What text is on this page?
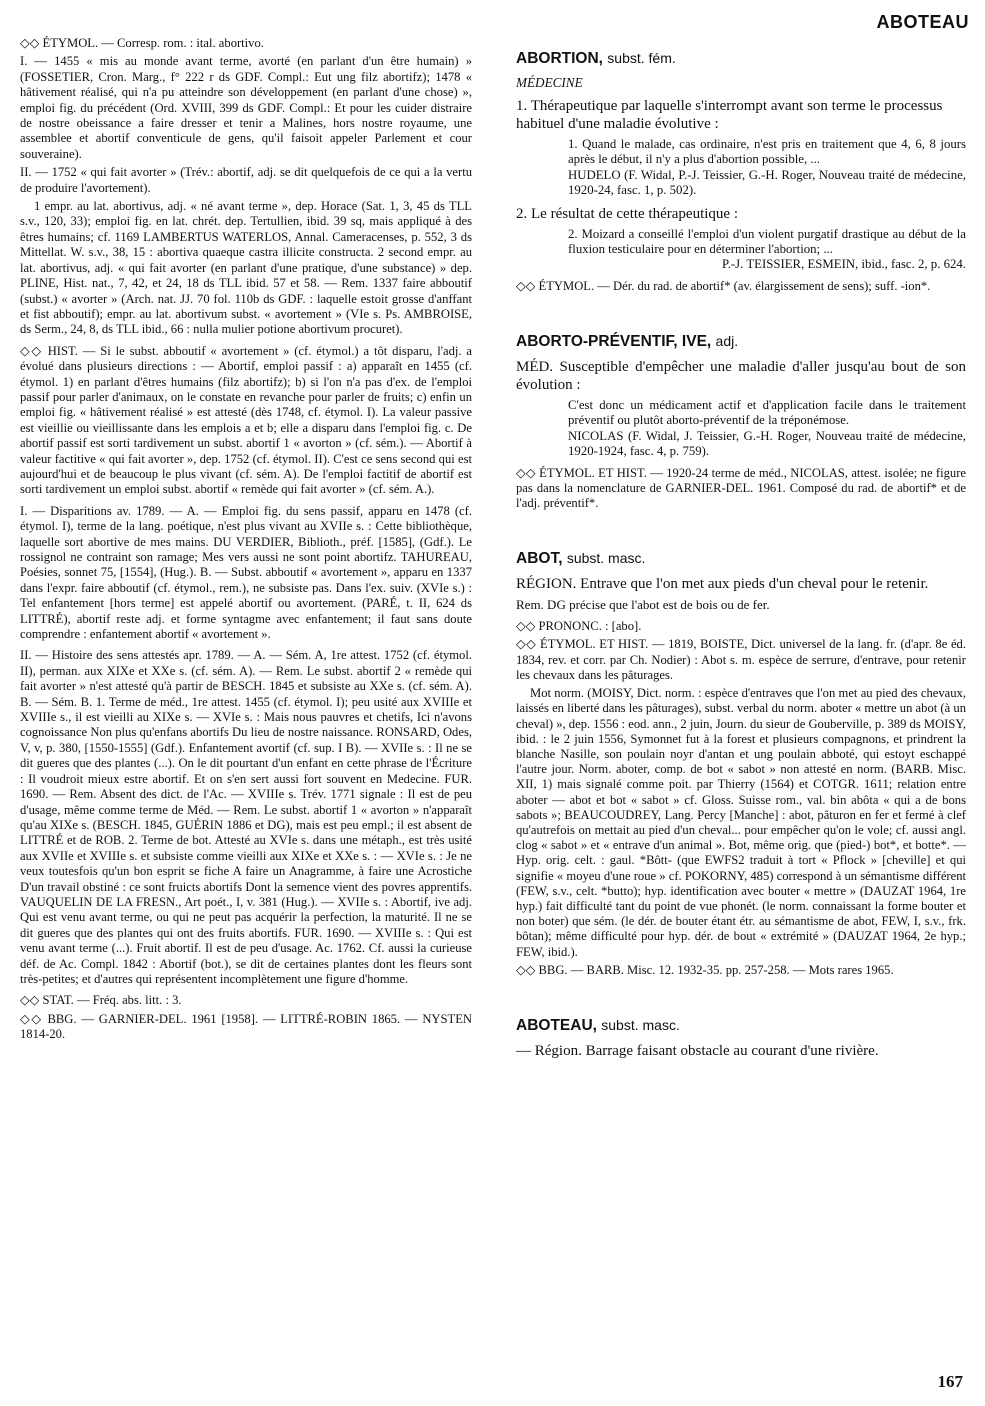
ABOTEAU

◇◇ ÉTYMOL. — Corresp. rom. : ital. abortivo.

I. — 1455 « mis au monde avant terme, avorté (en parlant d'un être humain) » (FOSSETIER, Cron. Marg., f° 222 r ds GDF. Compl.: Eut ung filz abortifz); 1478 « hâtivement réalisé, qui n'a pu atteindre son développement (en parlant d'une chose) », emploi fig. du précédent (Ord. XVIII, 399 ds GDF. Compl.: Et pour les cuider distraire de nostre obeissance a faire dresser et tenir a Malines, hors nostre royaume, une assemblee et abortif conventicule de gens, qu'il faisoit appeler Parlement et cour souveraine).

II. — 1752 « qui fait avorter » (Trév.: abortif, adj. se dit quelquefois de ce qui a la vertu de produire l'avortement).

1 empr. au lat. abortivus, adj. « né avant terme », dep. Horace (Sat. 1, 3, 45 ds TLL s.v., 120, 33); emploi fig. en lat. chrét. dep. Tertullien, ibid. 39 sq, mais appliqué à des êtres humains; cf. 1169 LAMBERTUS WATERLOS, Annal. Cameracenses, p. 552, 3 ds Mittellat. W. s.v., 38, 15 : abortiva quaeque castra illicite constructa. 2 second empr. au lat. abortivus, adj. « qui fait avorter (en parlant d'une pratique, d'une substance) » dep. PLINE, Hist. nat., 7, 42, et 24, 18 ds TLL ibid. 57 et 58. — Rem. 1337 faire abboutif (subst.) « avorter » (Arch. nat. JJ. 70 fol. 110b ds GDF. : laquelle estoit grosse d'anffant et fist abboutif); empr. au lat. abortivum subst. « avortement » (VIe s. Ps. AMBROISE, ds Serm., 24, 8, ds TLL ibid., 66 : nulla mulier potione abortivum procuret).

◇◇ HIST. — Si le subst. abboutif « avortement » (cf. étymol.) a tôt disparu, l'adj. a évolué dans plusieurs directions : — Abortif, emploi passif : a) apparaît en 1455 (cf. étymol. 1) en parlant d'êtres humains (filz abortifz); b) si l'on n'a pas d'ex. de l'emploi passif pour parler d'animaux, on le constate en revanche pour parler de fruits; c) enfin un emploi fig. « hâtivement réalisé » est attesté (dès 1748, cf. étymol. I). La valeur passive est vieillie ou vieillissante dans les emplois a et b; elle a disparu dans l'emploi fig. c. De abortif passif est sorti tardivement un subst. abortif 1 « avorton » (cf. sém.). — Abortif à valeur factitive « qui fait avorter », dep. 1752 (cf. étymol. II). C'est ce sens second qui est aujourd'hui et de beaucoup le plus vivant (cf. sém. A). De l'emploi factitif de abortif est sorti tardivement un emploi subst. abortif « remède qui fait avorter » (cf. sém. A.).

I. — Disparitions av. 1789. — A. — Emploi fig. du sens passif, apparu en 1478 (cf. étymol. I), terme de la lang. poétique, n'est plus vivant au XVIIe s. : Cette bibliothèque, laquelle sort abortive de mes mains. DU VERDIER, Biblioth., préf. [1585], (Gdf.). Le rossignol ne contraint son ramage; Mes vers aussi ne sont point abortifz. TAHUREAU, Poésies, sonnet 75, [1554], (Hug.). B. — Subst. abboutif « avortement », apparu en 1337 dans l'expr. faire abboutif (cf. étymol., rem.), ne subsiste pas. Dans l'ex. suiv. (XVIe s.) : Tel enfantement [hors terme] est appelé abortif ou avortement. (PARÉ, t. II, 624 ds LITTRÉ), abortif reste adj. et forme syntagme avec enfantement; il faut sans doute comprendre : enfantement abortif « avortement ».

II. — Histoire des sens attestés apr. 1789. — A. — Sém. A, 1re attest. 1752 (cf. étymol. II), perman. aux XIXe et XXe s. (cf. sém. A). — Rem. Le subst. abortif 2 « remède qui fait avorter » n'est attesté qu'à partir de BESCH. 1845 et subsiste au XXe s. (cf. sém. A). B. — Sém. B. 1. Terme de méd., 1re attest. 1455 (cf. étymol. I); peu usité aux XVIIIe et XVIIIe s., il est vieilli au XIXe s. — XVIe s. : Mais nous pauvres et chetifs, Ici n'avons cognoissance Non plus qu'enfans abortifs Du lieu de nostre naissance. RONSARD, Odes, V, v, p. 380, [1550-1555] (Gdf.). Enfantement avortif (cf. sup. I B). — XVIIe s. : Il ne se dit gueres que des plantes (...). On le dit pourtant d'un enfant en cette phrase de l'Écriture : Il voudroit mieux estre abortif. Et on s'en sert aussi fort souvent en Medecine. FUR. 1690. — Rem. Absent des dict. de l'Ac. — XVIIIe s. Trév. 1771 signale : Il est de peu d'usage, même comme terme de Méd. — Rem. Le subst. abortif 1 « avorton » n'apparaît qu'au XIXe s. (BESCH. 1845, GUÉRIN 1886 et DG), mais est peu empl.; il est absent de LITTRÉ et de ROB. 2. Terme de bot. Attesté au XVIe s. dans une métaph., est très usité aux XVIIe et XVIIIe s. et subsiste comme vieilli aux XIXe et XXe s. : — XVIe s. : Je ne veux toutesfois qu'un bon esprit se fiche A faire un Anagramme, à faire une Acrostiche D'un travail obstiné : ce sont fruicts abortifs Dont la semence vient des povres apprentifs. VAUQUELIN DE LA FRESN., Art poét., I, v. 381 (Hug.). — XVIIe s. : Abortif, ive adj. Qui est venu avant terme, ou qui ne peut pas acquérir la perfection, la maturité. Il ne se dit gueres que des plantes qui ont des fruits abortifs. FUR. 1690. — XVIIIe s. : Qui est venu avant terme (...). Fruit abortif. Il est de peu d'usage. Ac. 1762. Cf. aussi la curieuse déf. de Ac. Compl. 1842 : Abortif (bot.), se dit de certaines plantes dont les fleurs sont très-petites; et d'autres qui représentent incomplètement une figure d'homme.

◇◇ STAT. — Fréq. abs. litt. : 3.

◇◇ BBG. — GARNIER-DEL. 1961 [1958]. — LITTRÉ-ROBIN 1865. — NYSTEN 1814-20.

ABORTION, subst. fém.
MÉDECINE
1. Thérapeutique par laquelle s'interrompt avant son terme le processus habituel d'une maladie évolutive :
1. Quand le malade, cas ordinaire, n'est pris en traitement que 4, 6, 8 jours après le début, il n'y a plus d'abortion possible, ...
HUDELO (F. Widal, P.-J. Teissier, G.-H. Roger, Nouveau traité de médecine, 1920-24, fasc. 1, p. 502).
2. Le résultat de cette thérapeutique :
2. Moizard a conseillé l'emploi d'un violent purgatif drastique au début de la fluxion testiculaire pour en déterminer l'abortion; ...
P.-J. TEISSIER, ESMEIN, ibid., fasc. 2, p. 624.

◇◇ ÉTYMOL. — Dér. du rad. de abortif* (av. élargissement de sens); suff. -ion*.

ABORTO-PRÉVENTIF, IVE, adj.
MÉD. Susceptible d'empêcher une maladie d'aller jusqu'au bout de son évolution :
C'est donc un médicament actif et d'application facile dans le traitement préventif ou plutôt aborto-préventif de la tréponémose.
NICOLAS (F. Widal, J. Teissier, G.-H. Roger, Nouveau traité de médecine, 1920-1924, fasc. 4, p. 759).

◇◇ ÉTYMOL. ET HIST. — 1920-24 terme de méd., NICOLAS, attest. isolée; ne figure pas dans la nomenclature de GARNIER-DEL. 1961. Composé du rad. de abortif* et de l'adj. préventif*.

ABOT, subst. masc.
RÉGION. Entrave que l'on met aux pieds d'un cheval pour le retenir.
Rem. DG précise que l'abot est de bois ou de fer.

◇◇ PRONONC. : [abo].

◇◇ ÉTYMOL. ET HIST. — 1819, BOISTE, Dict. universel de la lang. fr. (d'apr. 8e éd. 1834, rev. et corr. par Ch. Nodier) : Abot s. m. espèce de serrure, d'entrave, pour retenir les chevaux dans les pâturages.

Mot norm. (MOISY, Dict. norm. : espèce d'entraves que l'on met au pied des chevaux, laissés en liberté dans les pâturages), subst. verbal du norm. aboter « mettre un abot (à un cheval) », dep. 1556 : eod. ann., 2 juin, Journ. du sieur de Gouberville, p. 389 ds MOISY, ibid. : le 2 juin 1556, Symonnet fut à la forest et plusieurs compagnons, et prindrent la blanche Nasille, son poulain noyr d'antan et ung poulain abboté, qui estoyt eschappé l'autre jour. Norm. aboter, comp. de bot « sabot » non attesté en norm. (BARB. Misc. XII, 1) mais signalé comme poit. par Thierry (1564) et COTGR. 1611; relation entre aboter — abot et bot « sabot » cf. Gloss. Suisse rom., val. bin abôta « qui a de bons sabots »; BEAUCOUDREY, Lang. Percy [Manche] : abot, pâturon en fer et fermé à clef qu'autrefois on mettait au pied d'un cheval... pour empêcher qu'on le vole; cf. aussi angl. clog « sabot » et « entrave d'un animal ». Bot, même orig. que (pied-) bot*, et botte*. — Hyp. orig. celt. : gaul. *Bôtt- (que EWFS2 traduit à tort « Pflock » [cheville] et qui signifie « moyeu d'une roue » cf. POKORNY, 485) correspond à un sémantisme différent (FEW, s.v., celt. *butto); hyp. identification avec bouter « mettre » (DAUZAT 1964, 1re hyp.) fait difficulté tant du point de vue phonét. (le norm. connaissant la forme bouter et non boter) que sém. (le dér. de bouter étant étr. au sémantisme de abot, FEW, I, s.v., frk. bôtan); même difficulté pour hyp. dér. de bout « extrémité » (DAUZAT 1964, 2e hyp.; FEW, ibid.).

◇◇ BBG. — BARB. Misc. 12. 1932-35. pp. 257-258. — Mots rares 1965.

ABOTEAU, subst. masc.
— Région. Barrage faisant obstacle au courant d'une rivière.
167
